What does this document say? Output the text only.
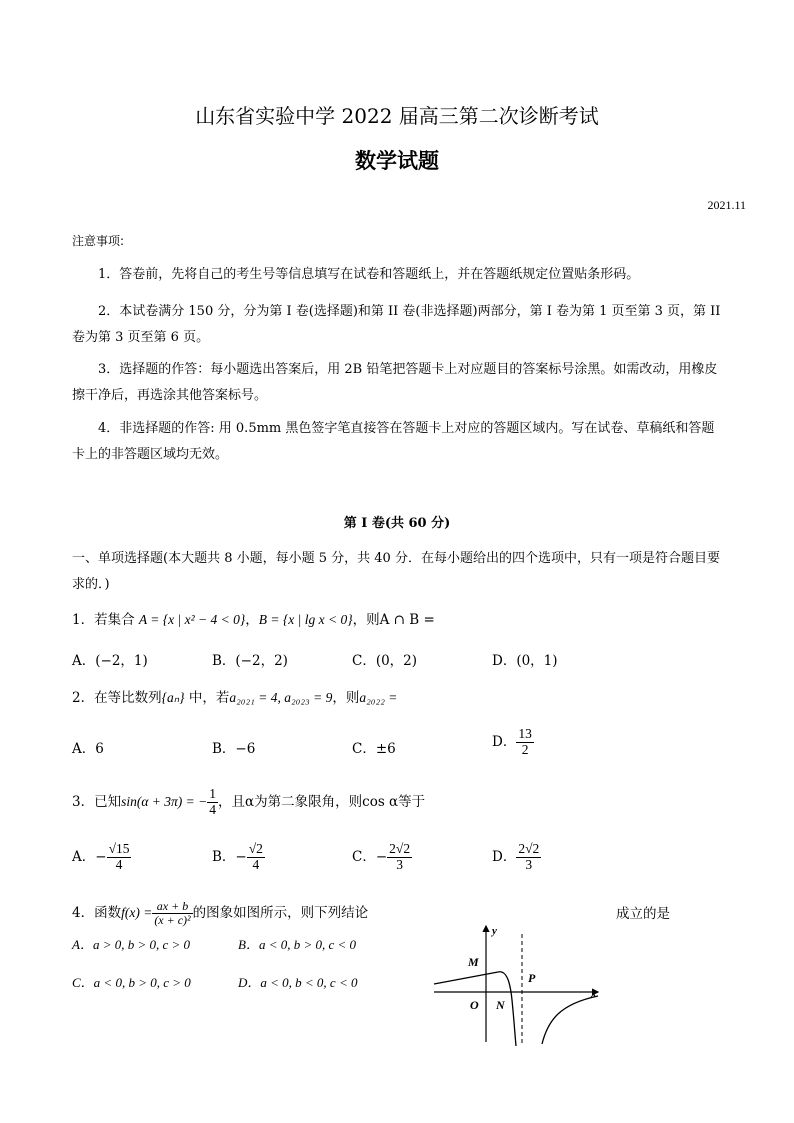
山东省实验中学 2022 届高三第二次诊断考试
数学试题
2021.11
注意事项:
1．答卷前，先将自己的考生号等信息填写在试卷和答题纸上，并在答题纸规定位置贴条形码。
2．本试卷满分 150 分，分为第 I 卷(选择题)和第 II 卷(非选择题)两部分，第 I 卷为第 1 页至第 3 页，第 II 卷为第 3 页至第 6 页。
3．选择题的作答：每小题选出答案后，用 2B 铅笔把答题卡上对应题目的答案标号涂黑。如需改动，用橡皮擦干净后，再选涂其他答案标号。
4．非选择题的作答: 用 0.5mm 黑色签字笔直接答在答题卡上对应的答题区域内。写在试卷、草稿纸和答题卡上的非答题区域均无效。
第 I 卷(共 60 分)
一、单项选择题(本大题共 8 小题，每小题 5 分，共 40 分．在每小题给出的四个选项中，只有一项是符合题目要求的．)
1．若集合 A = {x | x² − 4 < 0}，B = {x | lg x < 0}，则A ∩ B =
A．(−2，1)	B．(−2，2)	C．(0，2)	D．(0，1)
2．在等比数列{aₙ} 中，若a₂₀₂₁ = 4, a₂₀₂₃ = 9，则a₂₀₂₂ =
A．6	B．−6	C．±6	D． $\frac{13}{2}$
3．已知sin(α + 3π) = − $\frac{1}{4}$ ，且α为第二象限角，则cos α等于
A．− $\frac{√15}{4}$	B．− $\frac{√2}{4}$	C．− $\frac{2√2}{3}$	D． $\frac{2√2}{3}$
4．函数$f(x) = \frac{ax + b}{\text{(x + c)²}}$ 的图象如图所示，则下列结论	成立的是
A．a > 0, b > 0, c > 0	B．a < 0, b > 0, c < 0
C．a < 0, b > 0, c > 0	D．a < 0, b < 0, c < 0
y
x
M
O N
P
